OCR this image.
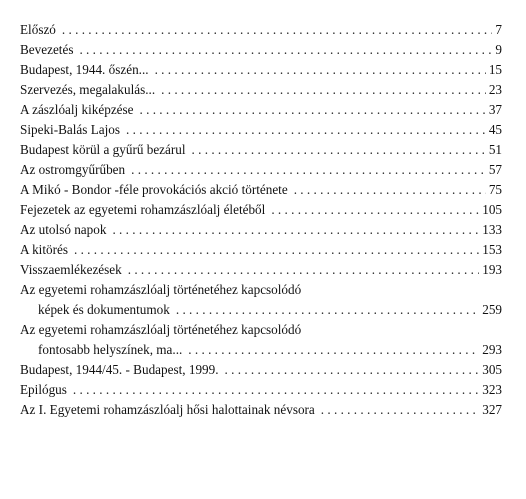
Előszó . . .	7
Bevezetés . . .	9
Budapest, 1944. őszén... . . .	15
Szervezés, megalakulás... . . .	23
A zászlóalj kiképzése . . .	37
Sipeki-Balás Lajos . . .	45
Budapest körül a gyűrű bezárul . . .	51
Az ostromgyűrűben . . .	57
A Mikó - Bondor -féle provokációs akció története . . .	75
Fejezetek az egyetemi rohamzászlóalj életéből . . .	105
Az utolsó napok . . .	133
A kitörés . . .	153
Visszaemlékezések . . .	193
Az egyetemi rohamzászlóalj történetéhez kapcsolódó
képek és dokumentumok . . .	259
Az egyetemi rohamzászlóalj történetéhez kapcsolódó
fontosabb helyszínek, ma... . . .	293
Budapest, 1944/45. - Budapest, 1999. . . .	305
Epilógus . . .	323
Az I. Egyetemi rohamzászlóalj hősi halottainak névsora . . .	327
